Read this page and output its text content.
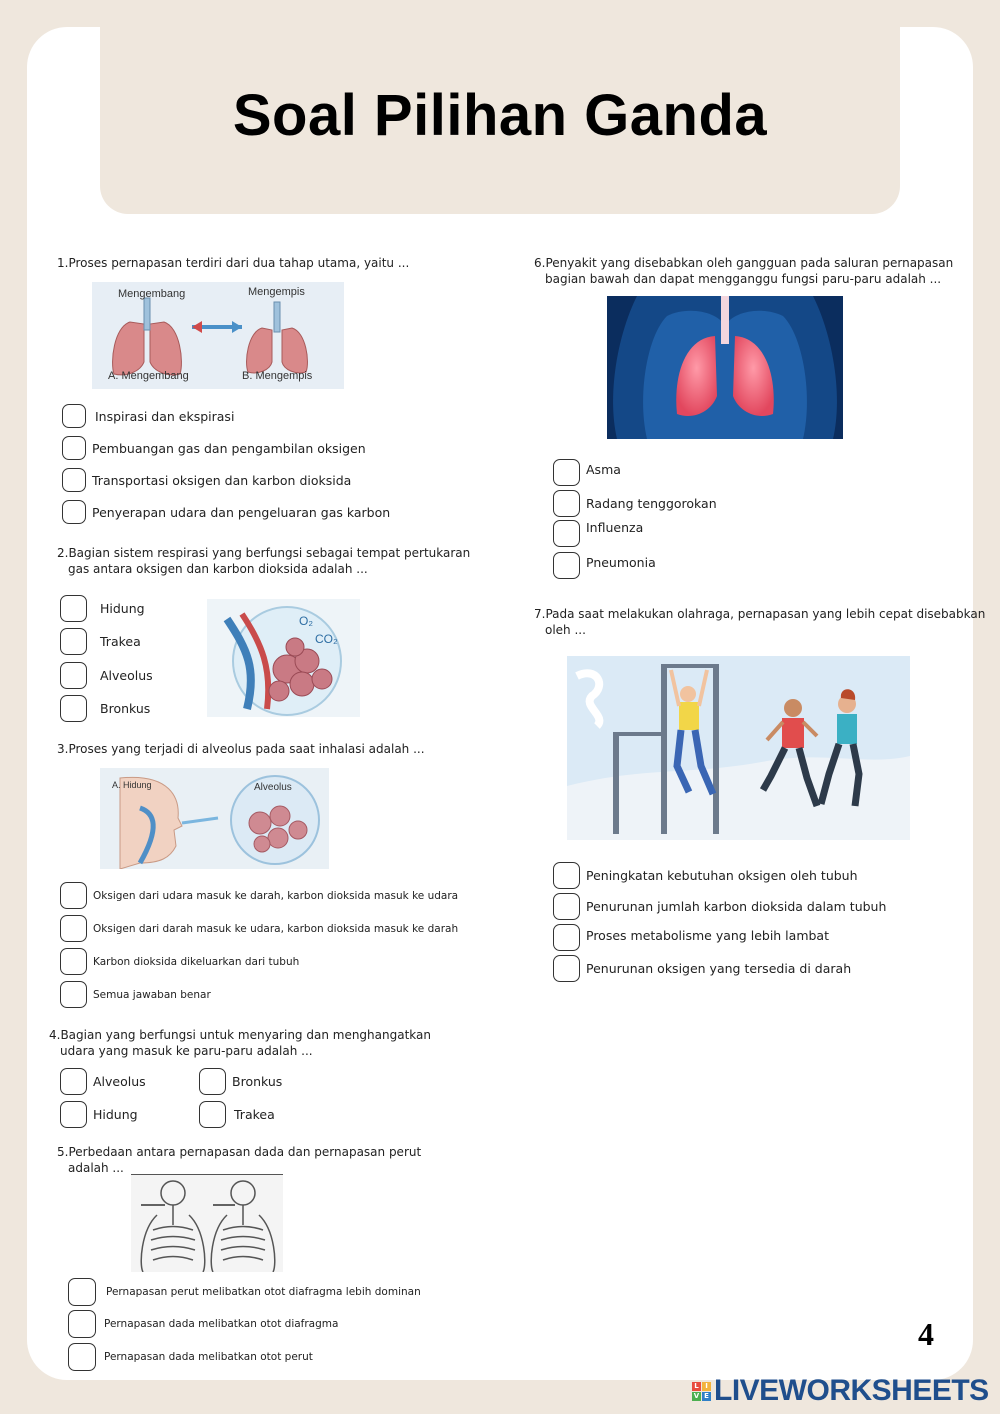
Soal Pilihan Ganda
1.Proses pernapasan terdiri dari dua tahap utama, yaitu ...
Mengembang	Mengempis
A. Mengembang	B. Mengempis
Inspirasi dan ekspirasi
Pembuangan gas dan pengambilan oksigen
Transportasi oksigen dan karbon dioksida
Penyerapan udara dan pengeluaran gas karbon
2.Bagian sistem respirasi yang berfungsi sebagai tempat pertukaran
gas antara oksigen dan karbon dioksida adalah ...
Hidung
Trakea
Alveolus
Bronkus
O₂
CO₂
3.Proses yang terjadi di alveolus pada saat inhalasi adalah ...
A. Hidung	Alveolus
Oksigen dari udara masuk ke darah, karbon dioksida masuk ke udara
Oksigen dari darah masuk ke udara, karbon dioksida masuk ke darah
Karbon dioksida dikeluarkan dari tubuh
Semua jawaban benar
4.Bagian yang berfungsi untuk menyaring dan menghangatkan
udara yang masuk ke paru-paru adalah ...
Alveolus	Bronkus
Hidung	Trakea
5.Perbedaan antara pernapasan dada dan pernapasan perut
adalah ...
Pernapasan perut melibatkan otot diafragma lebih dominan
Pernapasan dada melibatkan otot diafragma
Pernapasan dada melibatkan otot perut
6.Penyakit yang disebabkan oleh gangguan pada saluran pernapasan
bagian bawah dan dapat mengganggu fungsi paru-paru adalah ...
Asma
Radang tenggorokan
Influenza
Pneumonia
7.Pada saat melakukan olahraga, pernapasan yang lebih cepat disebabkan
oleh ...
Peningkatan kebutuhan oksigen oleh tubuh
Penurunan jumlah karbon dioksida dalam tubuh
Proses metabolisme yang lebih lambat
Penurunan oksigen yang tersedia di darah
4
L I
V E LIVEWORKSHEETS
